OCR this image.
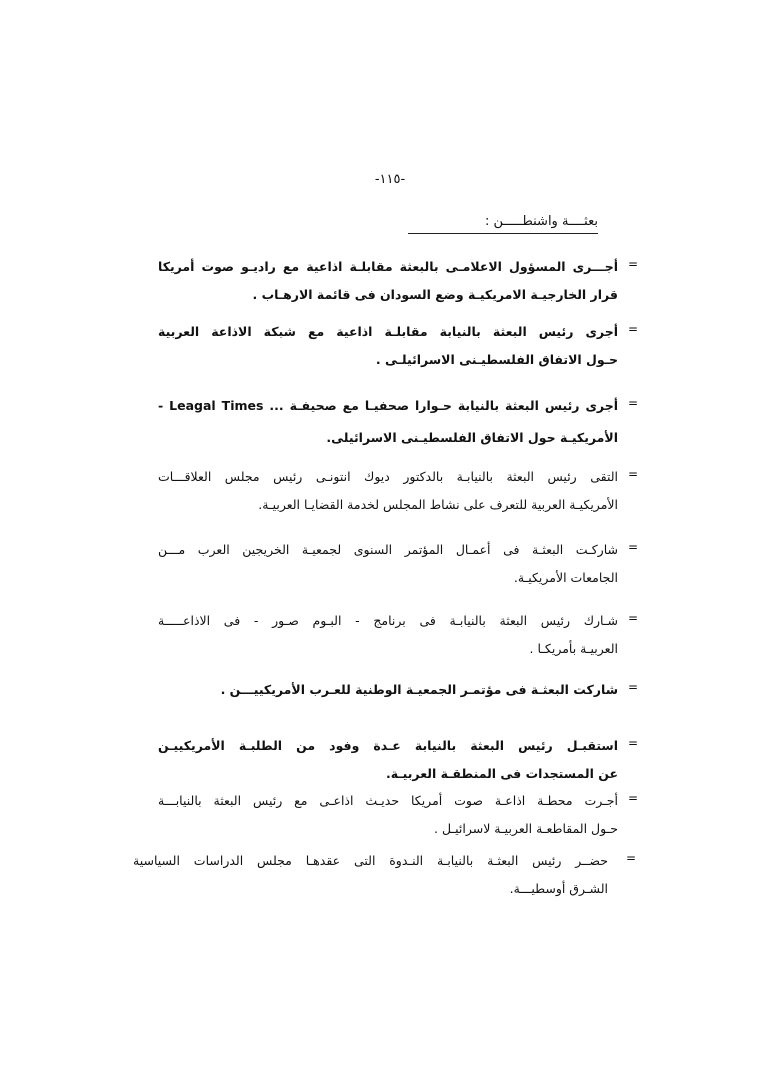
-١١٥-
بعثــــة واشنطـــــن :
=
أجـــرى المسؤول الاعلامـى بالبعثة مقابلـة اذاعية مع راديـو صوت أمريكا
قرار الخارجيـة الامريكيـة وضع السودان فى قائمة الارهـاب .
=
أجرى رئيس البعثة بالنيابة مقابلـة اذاعية مع شبكة الاذاعة العربية
حـول الاتفاق الفلسطيـنى الاسرائيلـى .
=
أجرى رئيس البعثة بالنيابة حـوارا صحفيـا مع صحيفـة ... Leagal Times -
الأمريكيـة حول الاتفاق الفلسطيـنى الاسرائيلى.
=
التقى رئيس البعثة بالنيابـة بالدكتور ديوك انتونـى رئيس مجلس العلاقـــات
الأمريكيـة العربية للتعرف على نشاط المجلس لخدمة القضايـا العربيـة.
=
شاركـت البعثـة فى أعمـال المؤتمر السنوى لجمعيـة الخريجين العرب مـــن
الجامعات الأمريكيـة.
=
شـارك رئيس البعثة بالنيابـة فى برنامج - البـوم صـور - فى الاذاعـــــة
العربيـة بأمريكـا .
=
شاركت البعثـة فى مؤتمـر الجمعيـة الوطنية للعـرب الأمريكييـــن .
=
استقبـل رئيس البعثة بالنيابة عـدة وفود من الطلبـة الأمريكييـن
عن المستجدات فى المنطقـة العربيـة.
=
أجـرت محطـة اذاعـة صوت أمريكا حديـث اذاعـى مع رئيس البعثة بالنيابـــة
حـول المقاطعـة العربيـة لاسرائيـل .
=
حضــر رئيس البعثـة بالنيابـة النـدوة التى عقدهـا مجلس الدراسات السياسية
الشـرق أوسطيـــة.
